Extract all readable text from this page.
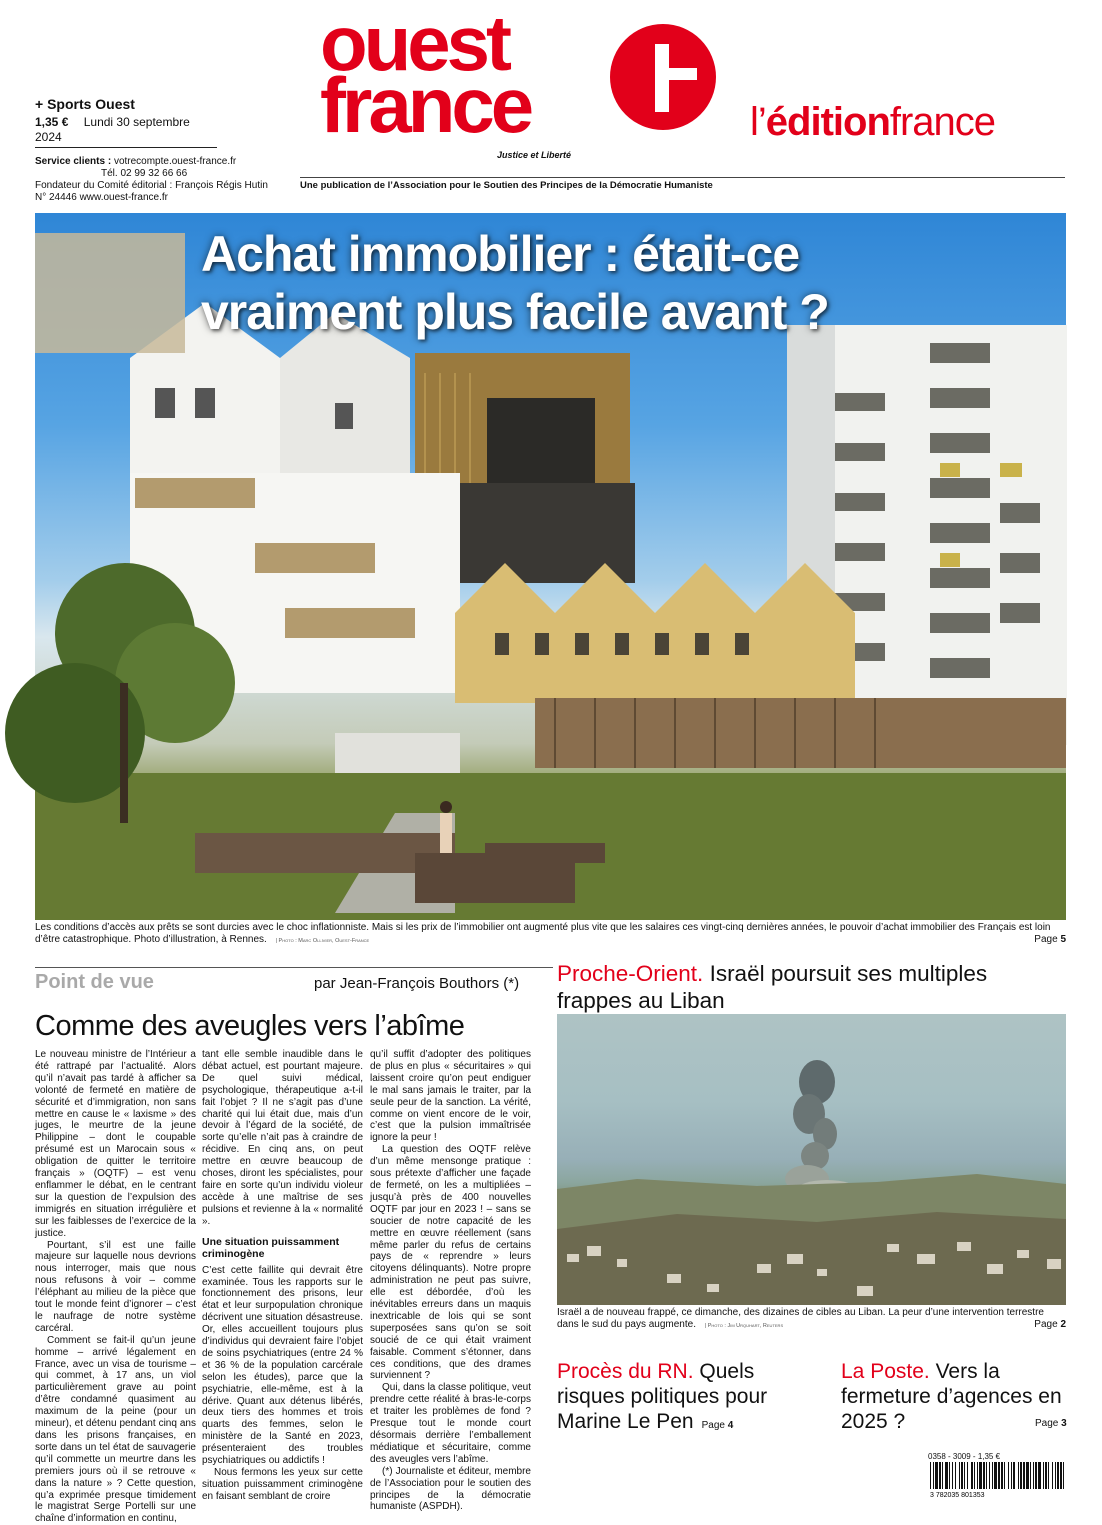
+ Sports Ouest
1,35 € Lundi 30 septembre 2024
Service clients : votrecompte.ouest-france.fr
Tél. 02 99 32 66 66
Fondateur du Comité éditorial : François Régis Hutin
N° 24446 www.ouest-france.fr
ouest
france
Justice et Liberté
l’éditionfrance
Une publication de l’Association pour le Soutien des Principes de la Démocratie Humaniste
Achat immobilier : était-ce
vraiment plus facile avant ?
Les conditions d’accès aux prêts se sont durcies avec le choc inflationniste. Mais si les prix de l’immobilier ont augmenté plus vite que les salaires ces vingt-cinq dernières années, le pouvoir d’achat immobilier des Français est loin d’être catastrophique. Photo d’illustration, à Rennes. | Photo : Marc Ollivier, Ouest-France	Page 5
Point de vue	par Jean-François Bouthors (*)
Comme des aveugles vers l’abîme

Le nouveau ministre de l’Intérieur a été rattrapé par l’actualité. Alors qu’il n’avait pas tardé à afficher sa volonté de fermeté en matière de sécurité et d’immigration, non sans mettre en cause le « laxisme » des juges, le meurtre de la jeune Philippine – dont le coupable présumé est un Marocain sous « obligation de quitter le territoire français » (OQTF) – est venu enflammer le débat, en le centrant sur la question de l’expulsion des immigrés en situation irrégulière et sur les faiblesses de l’exercice de la justice.

Pourtant, s’il est une faille majeure sur laquelle nous devrions nous interroger, mais que nous nous refusons à voir – comme l’éléphant au milieu de la pièce que tout le monde feint d’ignorer – c’est le naufrage de notre système carcéral.

Comment se fait-il qu’un jeune homme – arrivé légalement en France, avec un visa de tourisme – qui commet, à 17 ans, un viol particulièrement grave au point d’être condamné quasiment au maximum de la peine (pour un mineur), et détenu pendant cinq ans dans les prisons françaises, en sorte dans un tel état de sauvagerie qu’il commette un meurtre dans les premiers jours où il se retrouve « dans la nature » ? Cette question, qu’a exprimée presque timidement le magistrat Serge Portelli sur une chaîne d’information en continu,

tant elle semble inaudible dans le débat actuel, est pourtant majeure. De quel suivi médical, psychologique, thérapeutique a-t-il fait l’objet ? Il ne s’agit pas d’une charité qui lui était due, mais d’un devoir à l’égard de la société, de sorte qu’elle n’ait pas à craindre de récidive. En cinq ans, on peut mettre en œuvre beaucoup de choses, diront les spécialistes, pour faire en sorte qu’un individu violeur accède à une maîtrise de ses pulsions et revienne à la « normalité ».

Une situation puissamment criminogène

C’est cette faillite qui devrait être examinée. Tous les rapports sur le fonctionnement des prisons, leur état et leur surpopulation chronique décrivent une situation désastreuse. Or, elles accueillent toujours plus d’individus qui devraient faire l’objet de soins psychiatriques (entre 24 % et 36 % de la population carcérale selon les études), parce que la psychiatrie, elle-même, est à la dérive. Quant aux détenus libérés, deux tiers des hommes et trois quarts des femmes, selon le ministère de la Santé en 2023, présenteraient des troubles psychiatriques ou addictifs !

Nous fermons les yeux sur cette situation puissamment criminogène en faisant semblant de croire

qu’il suffit d’adopter des politiques de plus en plus « sécuritaires » qui laissent croire qu’on peut endiguer le mal sans jamais le traiter, par la seule peur de la sanction. La vérité, comme on vient encore de le voir, c’est que la pulsion immaîtrisée ignore la peur !

La question des OQTF relève d’un même mensonge pratique : sous prétexte d’afficher une façade de fermeté, on les a multipliées – jusqu’à près de 400 nouvelles OQTF par jour en 2023 ! – sans se soucier de notre capacité de les mettre en œuvre réellement (sans même parler du refus de certains pays de « reprendre » leurs citoyens délinquants). Notre propre administration ne peut pas suivre, elle est débordée, d’où les inévitables erreurs dans un maquis inextricable de lois qui se sont superposées sans qu’on se soit soucié de ce qui était vraiment faisable. Comment s’étonner, dans ces conditions, que des drames surviennent ?

Qui, dans la classe politique, veut prendre cette réalité à bras-le-corps et traiter les problèmes de fond ? Presque tout le monde court désormais derrière l’emballement médiatique et sécuritaire, comme des aveugles vers l’abîme.

(*) Journaliste et éditeur, membre de l’Association pour le soutien des principes de la démocratie humaniste (ASPDH).

Proche-Orient. Israël poursuit ses multiples frappes au Liban
Israël a de nouveau frappé, ce dimanche, des dizaines de cibles au Liban. La peur d’une intervention terrestre dans le sud du pays augmente. | Photo : Jim Urquhart, Reuters	Page 2
Procès du RN. Quels risques politiques pour Marine Le Pen Page 4
La Poste. Vers la fermeture d’agences en 2025 ?	Page 3
0358 - 3009 - 1,35 €
3 782035 801353
